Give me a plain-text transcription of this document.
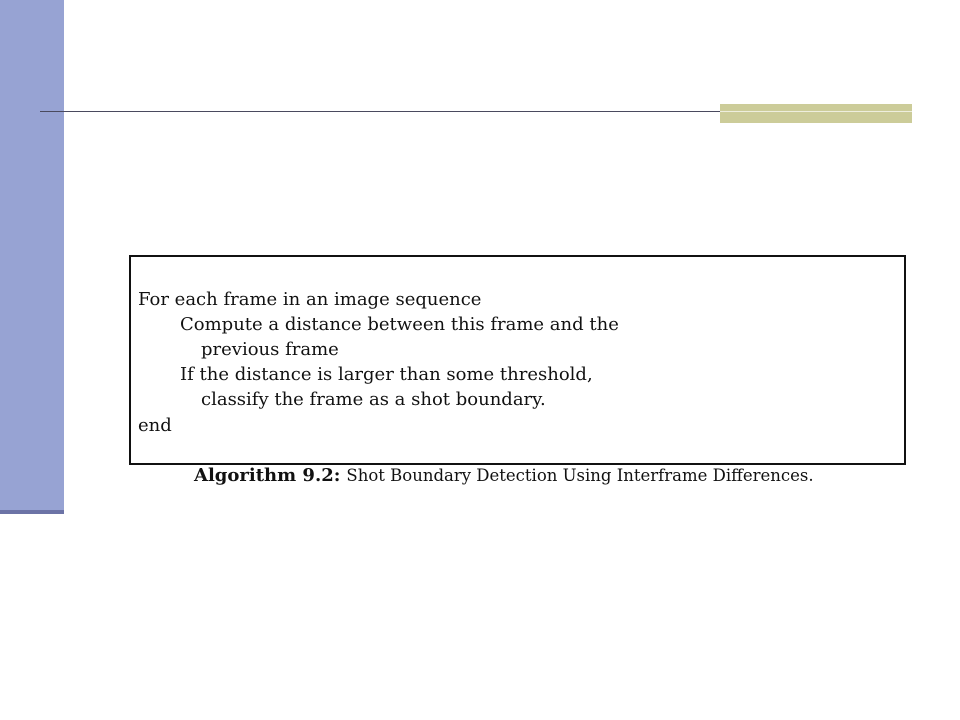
For each frame in an image sequence
Compute a distance between this frame and the
previous frame
If the distance is larger than some threshold,
classify the frame as a shot boundary.
end
Algorithm 9.2: Shot Boundary Detection Using Interframe Differences.
